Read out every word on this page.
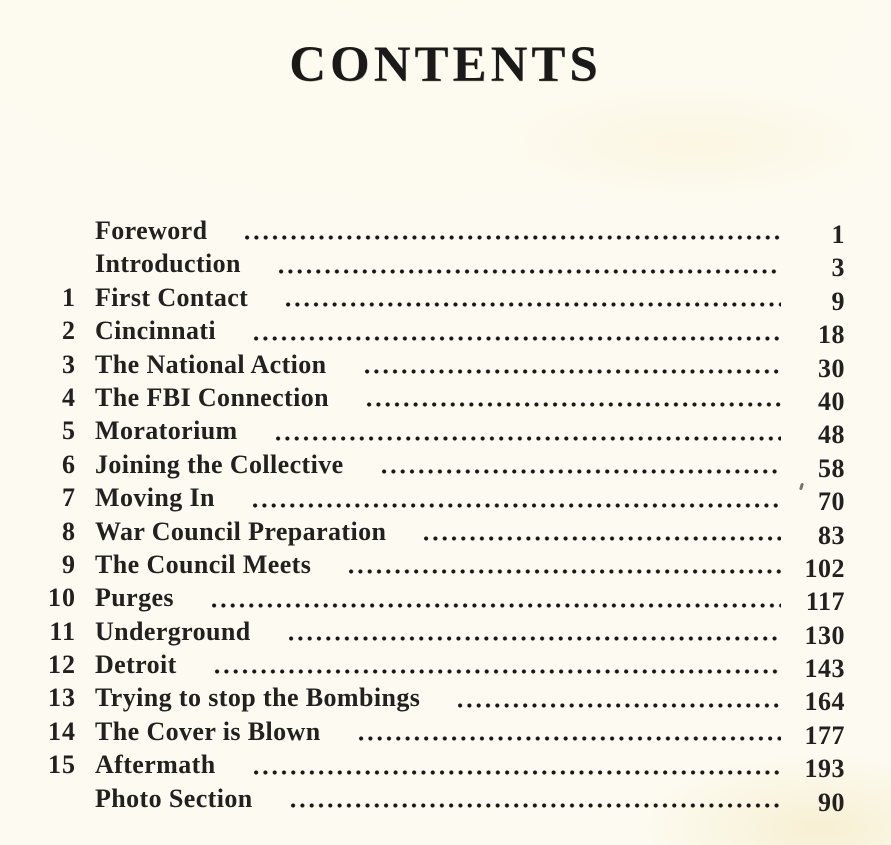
CONTENTS
Foreword	1
Introduction	3
1 First Contact	9
2 Cincinnati	18
3 The National Action	30
4 The FBI Connection	40
5 Moratorium	48
6 Joining the Collective	58
7 Moving In	70
8 War Council Preparation	83
9 The Council Meets	102
10 Purges	117
11 Underground	130
12 Detroit	143
13 Trying to stop the Bombings	164
14 The Cover is Blown	177
15 Aftermath	193
Photo Section	90
